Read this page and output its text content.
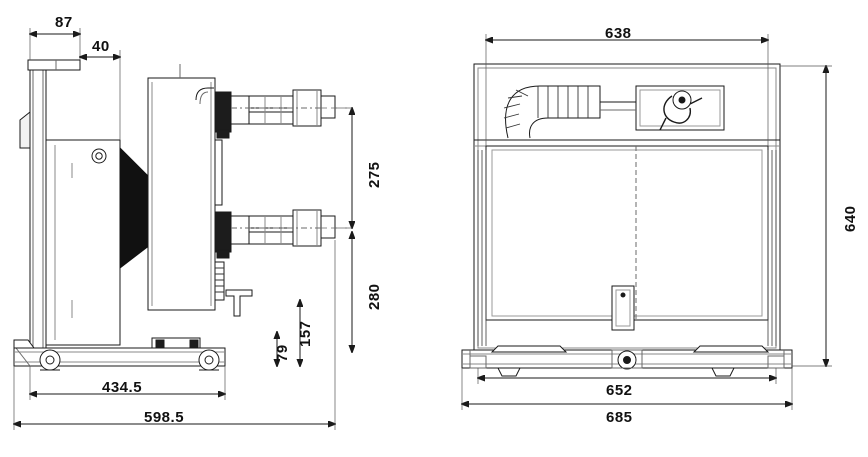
87
40
275
280
157
79
434.5
598.5
638
640
652
685
